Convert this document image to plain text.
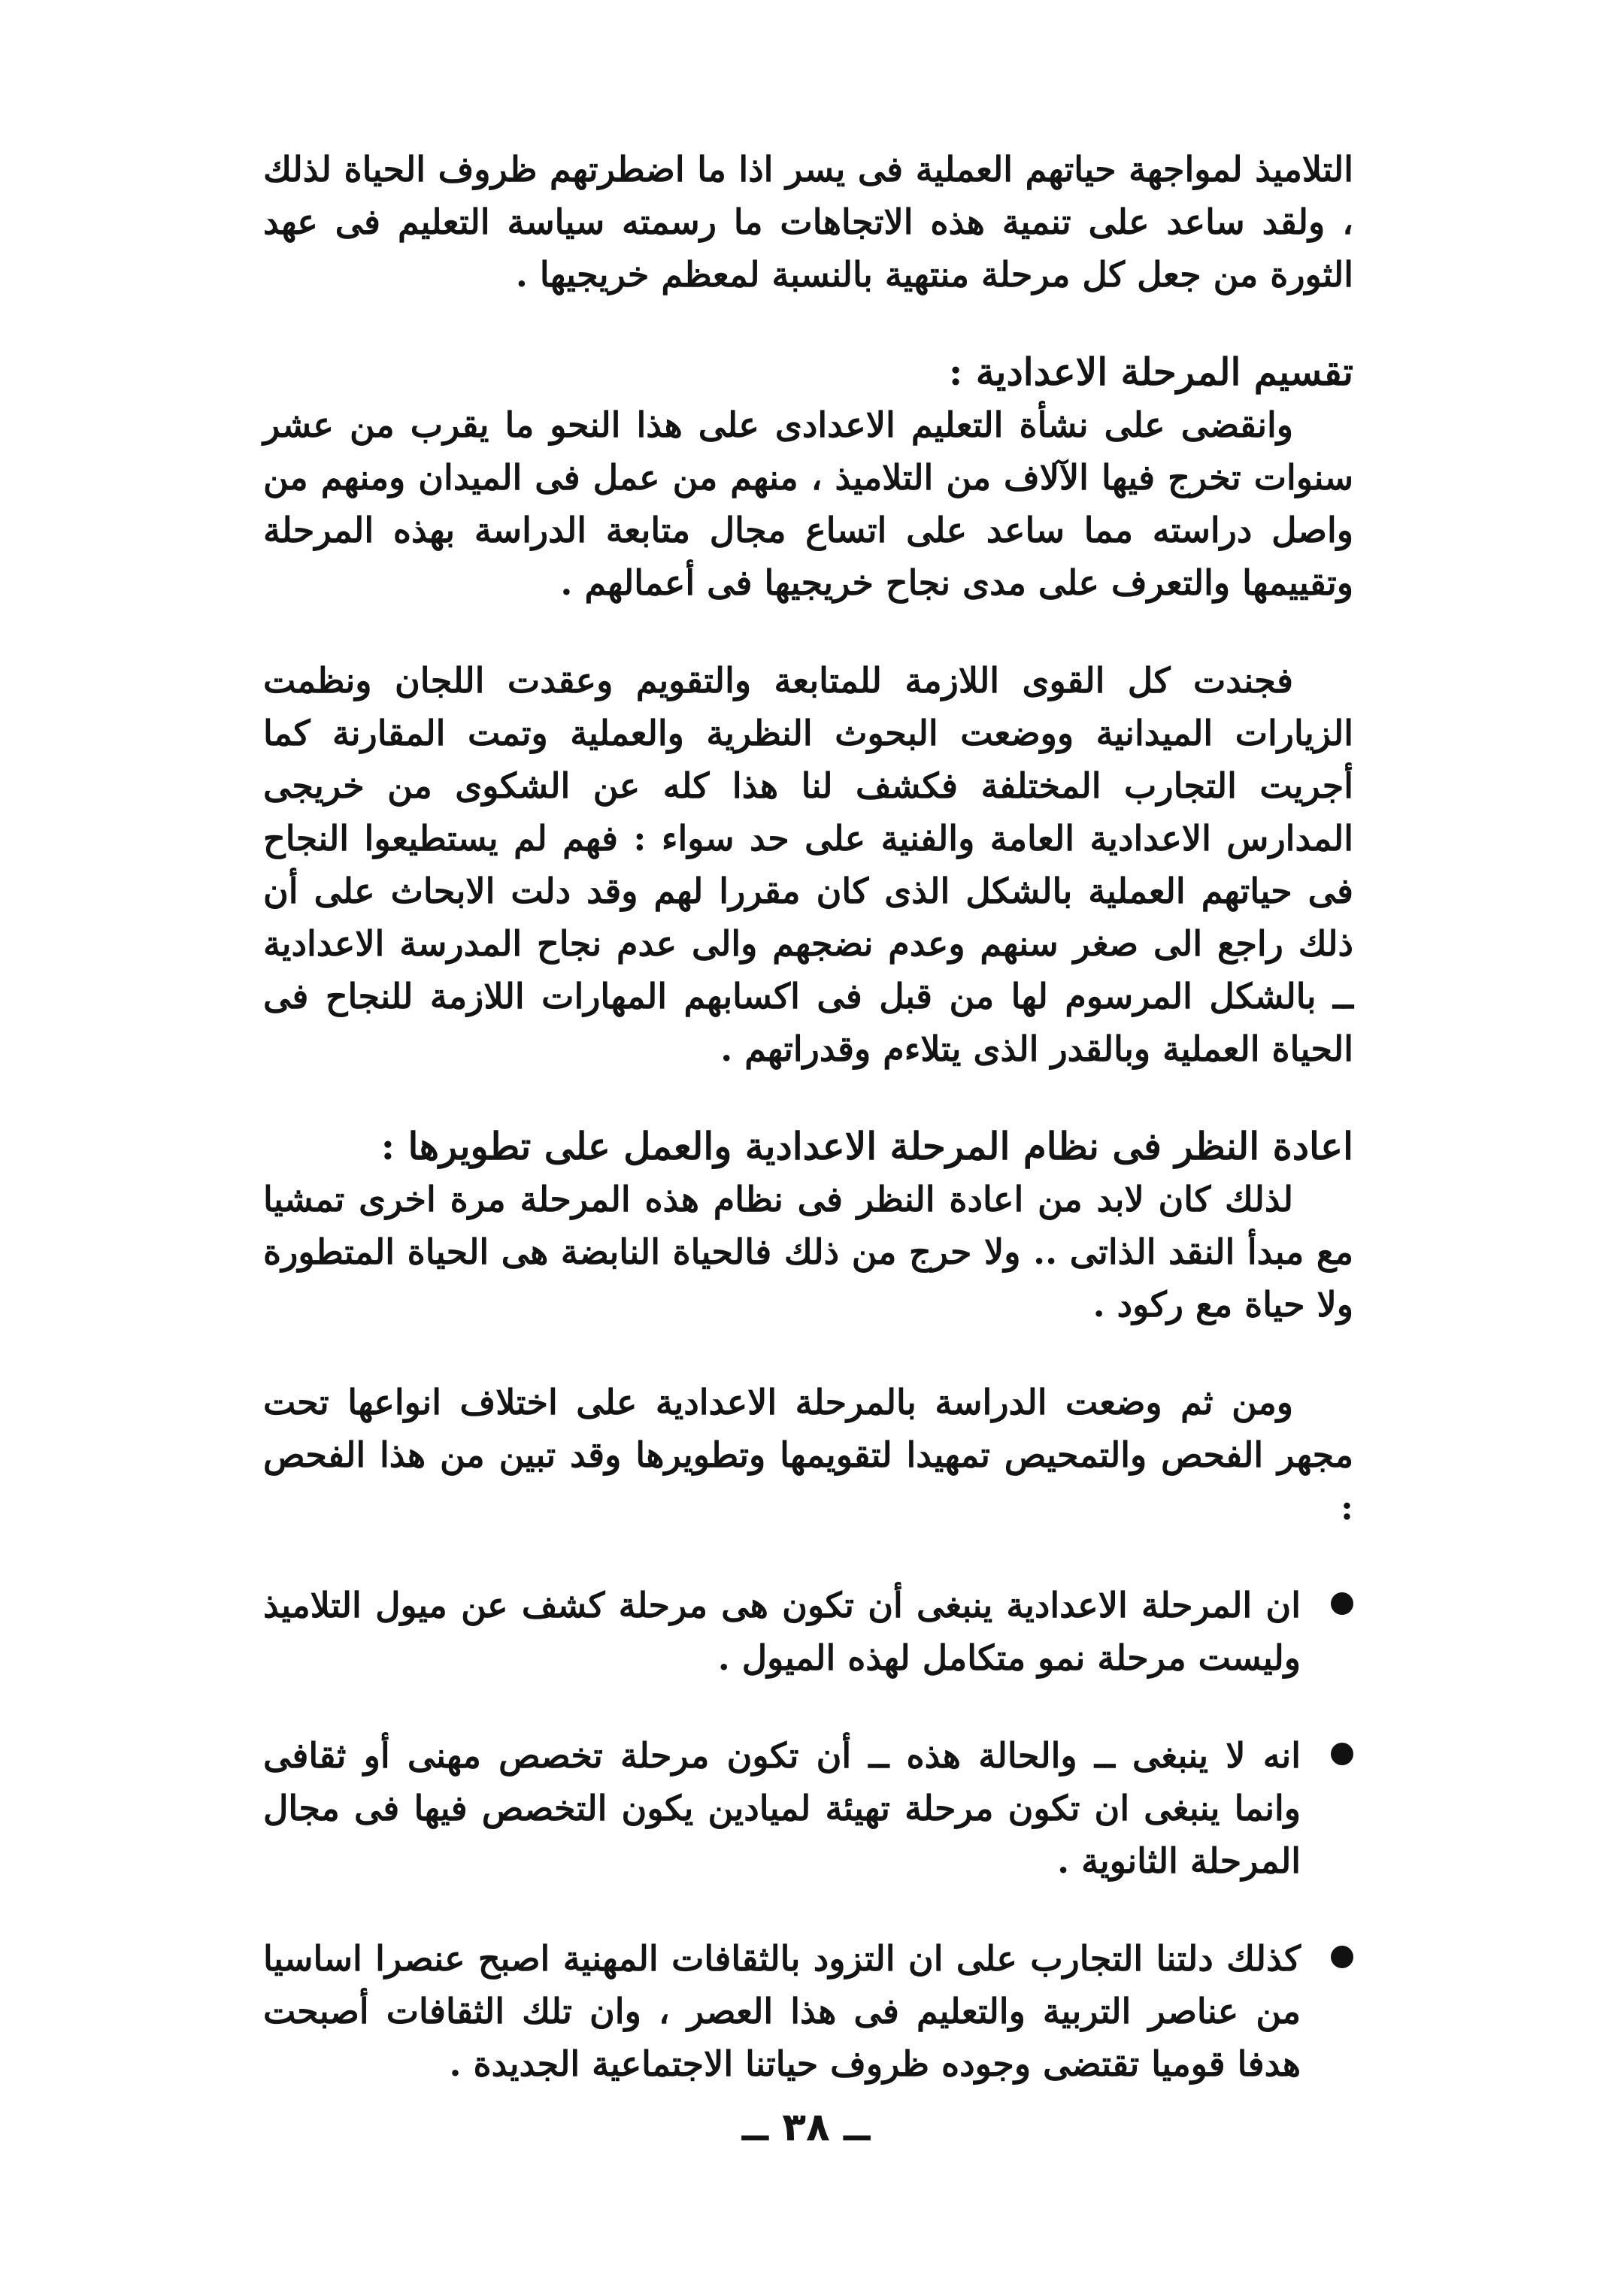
التلاميذ لمواجهة حياتهم العملية فى يسر اذا ما اضطرتهم ظروف الحياة لذلك ، ولقد ساعد على تنمية هذه الاتجاهات ما رسمته سياسة التعليم فى عهد الثورة من جعل كل مرحلة منتهية بالنسبة لمعظم خريجيها .

تقسيم المرحلة الاعدادية :

وانقضى على نشأة التعليم الاعدادى على هذا النحو ما يقرب من عشر سنوات تخرج فيها الآلاف من التلاميذ ، منهم من عمل فى الميدان ومنهم من واصل دراسته مما ساعد على اتساع مجال متابعة الدراسة بهذه المرحلة وتقييمها والتعرف على مدى نجاح خريجيها فى أعمالهم .

فجندت كل القوى اللازمة للمتابعة والتقويم وعقدت اللجان ونظمت الزيارات الميدانية ووضعت البحوث النظرية والعملية وتمت المقارنة كما أجريت التجارب المختلفة فكشف لنا هذا كله عن الشكوى من خريجى المدارس الاعدادية العامة والفنية على حد سواء : فهم لم يستطيعوا النجاح فى حياتهم العملية بالشكل الذى كان مقررا لهم وقد دلت الابحاث على أن ذلك راجع الى صغر سنهم وعدم نضجهم والى عدم نجاح المدرسة الاعدادية ــ بالشكل المرسوم لها من قبل فى اكسابهم المهارات اللازمة للنجاح فى الحياة العملية وبالقدر الذى يتلاءم وقدراتهم .

اعادة النظر فى نظام المرحلة الاعدادية والعمل على تطويرها :

لذلك كان لابد من اعادة النظر فى نظام هذه المرحلة مرة اخرى تمشيا مع مبدأ النقد الذاتى .. ولا حرج من ذلك فالحياة النابضة هى الحياة المتطورة ولا حياة مع ركود .

ومن ثم وضعت الدراسة بالمرحلة الاعدادية على اختلاف انواعها تحت مجهر الفحص والتمحيص تمهيدا لتقويمها وتطويرها وقد تبين من هذا الفحص :

ان المرحلة الاعدادية ينبغى أن تكون هى مرحلة كشف عن ميول التلاميذ وليست مرحلة نمو متكامل لهذه الميول .
انه لا ينبغى ــ والحالة هذه ــ أن تكون مرحلة تخصص مهنى أو ثقافى وانما ينبغى ان تكون مرحلة تهيئة لميادين يكون التخصص فيها فى مجال المرحلة الثانوية .
كذلك دلتنا التجارب على ان التزود بالثقافات المهنية اصبح عنصرا اساسيا من عناصر التربية والتعليم فى هذا العصر ، وان تلك الثقافات أصبحت هدفا قوميا تقتضى وجوده ظروف حياتنا الاجتماعية الجديدة .
ــ ٣٨ ــ
